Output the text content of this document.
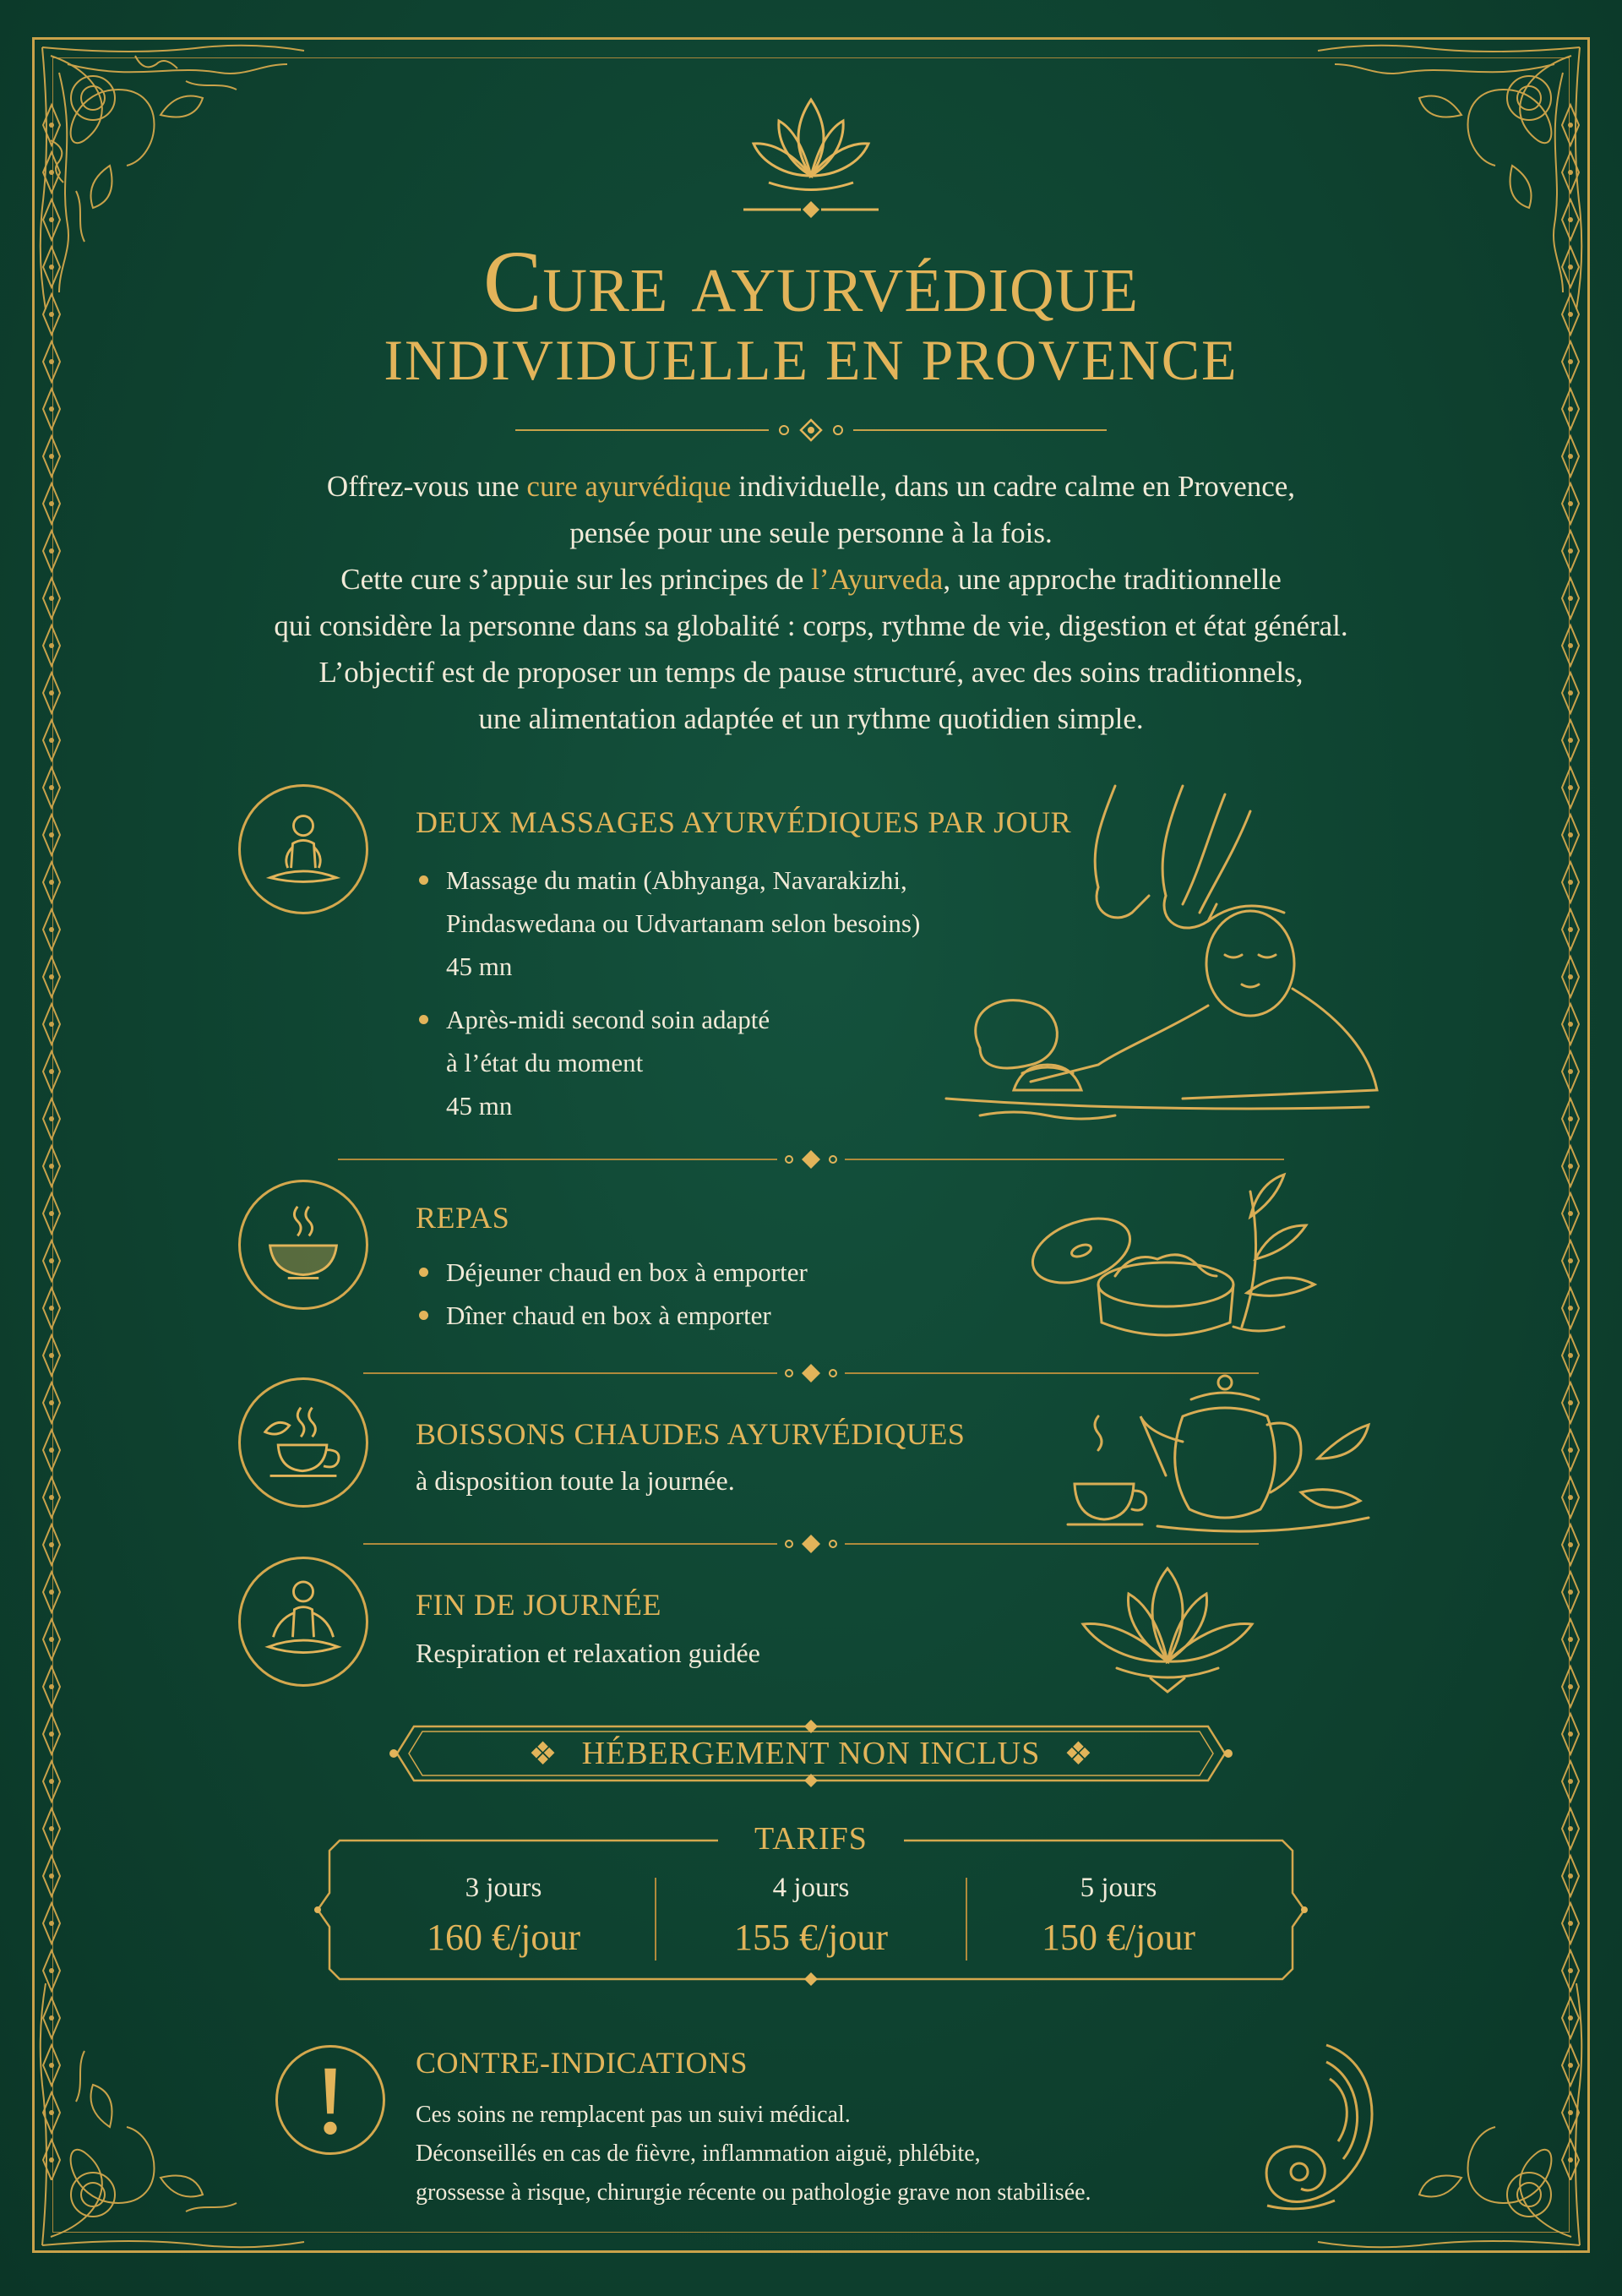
Cure ayurvédique
INDIVIDUELLE EN PROVENCE

Offrez-vous une cure ayurvédique individuelle, dans un cadre calme en Provence,

pensée pour une seule personne à la fois.

Cette cure s’appuie sur les principes de l’Ayurveda, une approche traditionnelle

qui considère la personne dans sa globalité : corps, rythme de vie, digestion et état général.

L’objectif est de proposer un temps de pause structuré, avec des soins traditionnels,

une alimentation adaptée et un rythme quotidien simple.

DEUX MASSAGES AYURVÉDIQUES PAR JOUR
Massage du matin (Abhyanga, Navarakizhi,
Pindaswedana ou Udvartanam selon besoins)
45 mn
Après-midi second soin adapté
à l’état du moment
45 mn
REPAS
Déjeuner chaud en box à emporter
Dîner chaud en box à emporter
BOISSONS CHAUDES AYURVÉDIQUES
à disposition toute la journée.
FIN DE JOURNÉE
Respiration et relaxation guidée
❖ HÉBERGEMENT NON INCLUS ❖
TARIFS
3 jours
160 €/jour
4 jours
155 €/jour
5 jours
150 €/jour
CONTRE-INDICATIONS

Ces soins ne remplacent pas un suivi médical.

Déconseillés en cas de fièvre, inflammation aiguë, phlébite,

grossesse à risque, chirurgie récente ou pathologie grave non stabilisée.
